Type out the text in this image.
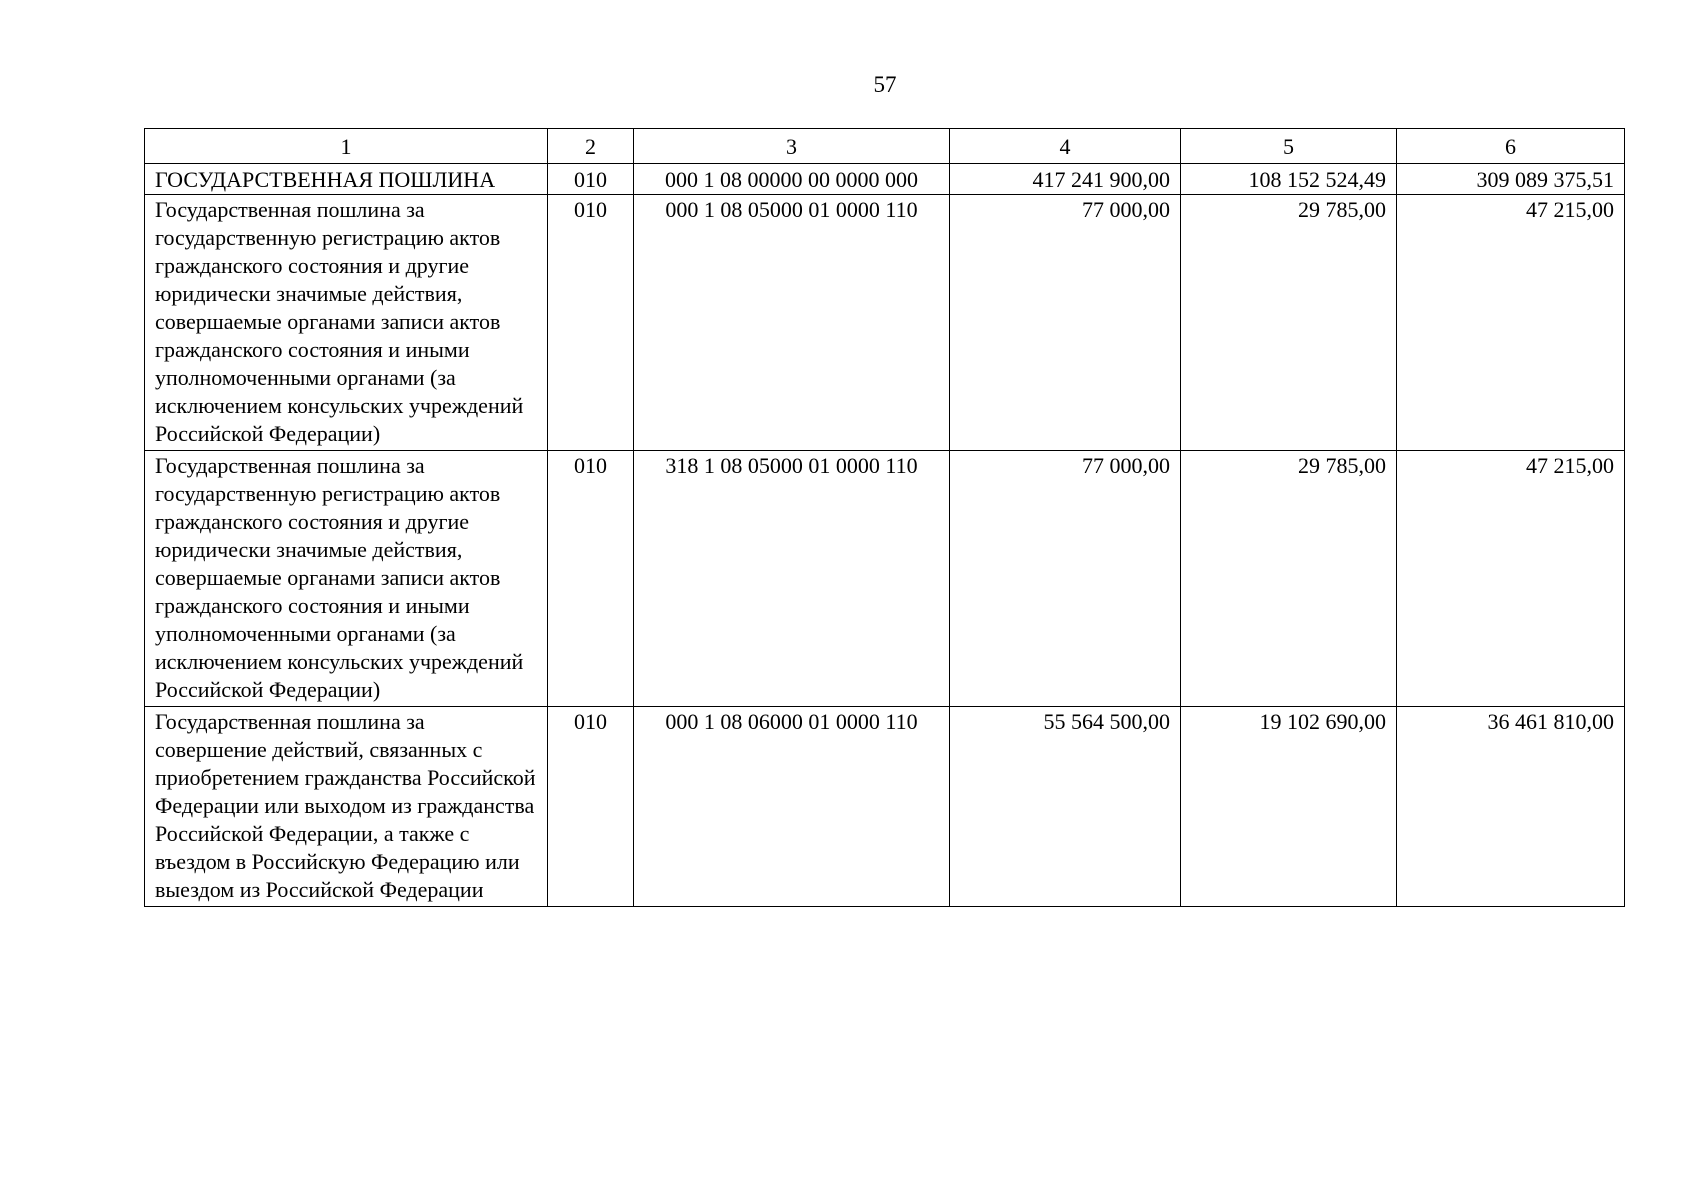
57
1	2	3	4	5	6
ГОСУДАРСТВЕННАЯ ПОШЛИНА	010	000 1 08 00000 00 0000 000	417 241 900,00	108 152 524,49	309 089 375,51
Государственная пошлина за государственную регистрацию актов гражданского состояния и другие юридически значимые действия, совершаемые органами записи актов гражданского состояния и иными уполномоченными органами (за исключением консульских учреждений Российской Федерации)	010	000 1 08 05000 01 0000 110	77 000,00	29 785,00	47 215,00
Государственная пошлина за государственную регистрацию актов гражданского состояния и другие юридически значимые действия, совершаемые органами записи актов гражданского состояния и иными уполномоченными органами (за исключением консульских учреждений Российской Федерации)	010	318 1 08 05000 01 0000 110	77 000,00	29 785,00	47 215,00
Государственная пошлина за совершение действий, связанных с приобретением гражданства Российской Федерации или выходом из гражданства Российской Федерации, а также с въездом в Российскую Федерацию или выездом из Российской Федерации	010	000 1 08 06000 01 0000 110	55 564 500,00	19 102 690,00	36 461 810,00
